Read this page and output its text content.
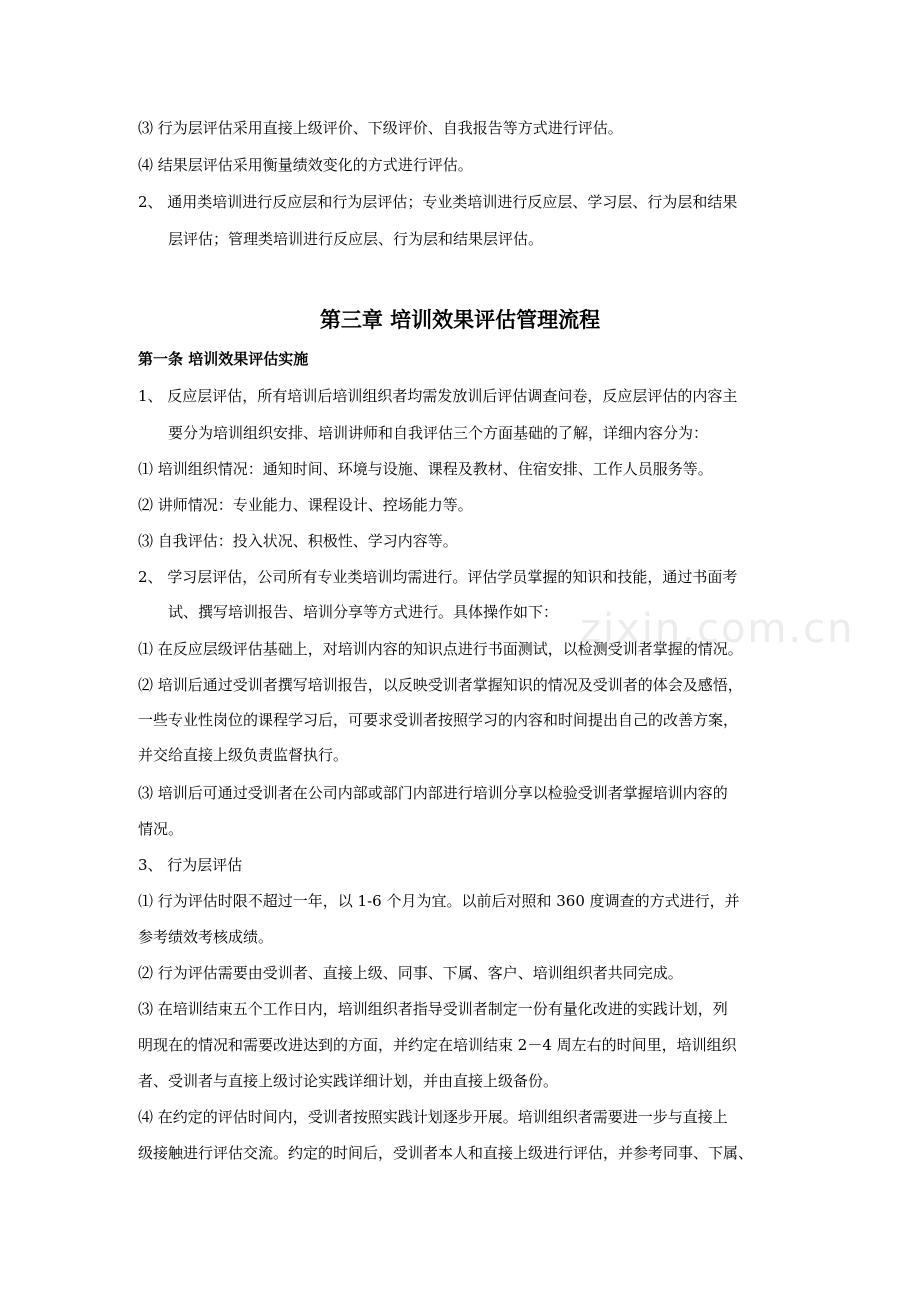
zixin.com.cn
⑶ 行为层评估采用直接上级评价、下级评价、自我报告等方式进行评估。
⑷ 结果层评估采用衡量绩效变化的方式进行评估。
2、 通用类培训进行反应层和行为层评估；专业类培训进行反应层、学习层、行为层和结果
层评估；管理类培训进行反应层、行为层和结果层评估。
第三章 培训效果评估管理流程
第一条 培训效果评估实施
1、 反应层评估，所有培训后培训组织者均需发放训后评估调查问卷，反应层评估的内容主
要分为培训组织安排、培训讲师和自我评估三个方面基础的了解，详细内容分为：
⑴ 培训组织情况：通知时间、环境与设施、课程及教材、住宿安排、工作人员服务等。
⑵ 讲师情况：专业能力、课程设计、控场能力等。
⑶ 自我评估：投入状况、积极性、学习内容等。
2、 学习层评估，公司所有专业类培训均需进行。评估学员掌握的知识和技能，通过书面考
试、撰写培训报告、培训分享等方式进行。具体操作如下：
⑴ 在反应层级评估基础上，对培训内容的知识点进行书面测试，以检测受训者掌握的情况。
⑵ 培训后通过受训者撰写培训报告，以反映受训者掌握知识的情况及受训者的体会及感悟，
一些专业性岗位的课程学习后，可要求受训者按照学习的内容和时间提出自己的改善方案，
并交给直接上级负责监督执行。
⑶ 培训后可通过受训者在公司内部或部门内部进行培训分享以检验受训者掌握培训内容的
情况。
3、 行为层评估
⑴ 行为评估时限不超过一年，以 1-6 个月为宜。以前后对照和 360 度调查的方式进行，并
参考绩效考核成绩。
⑵ 行为评估需要由受训者、直接上级、同事、下属、客户、培训组织者共同完成。
⑶ 在培训结束五个工作日内，培训组织者指导受训者制定一份有量化改进的实践计划，列
明现在的情况和需要改进达到的方面，并约定在培训结束 2－4 周左右的时间里，培训组织
者、受训者与直接上级讨论实践详细计划，并由直接上级备份。
⑷ 在约定的评估时间内，受训者按照实践计划逐步开展。培训组织者需要进一步与直接上
级接触进行评估交流。约定的时间后，受训者本人和直接上级进行评估，并参考同事、下属、
